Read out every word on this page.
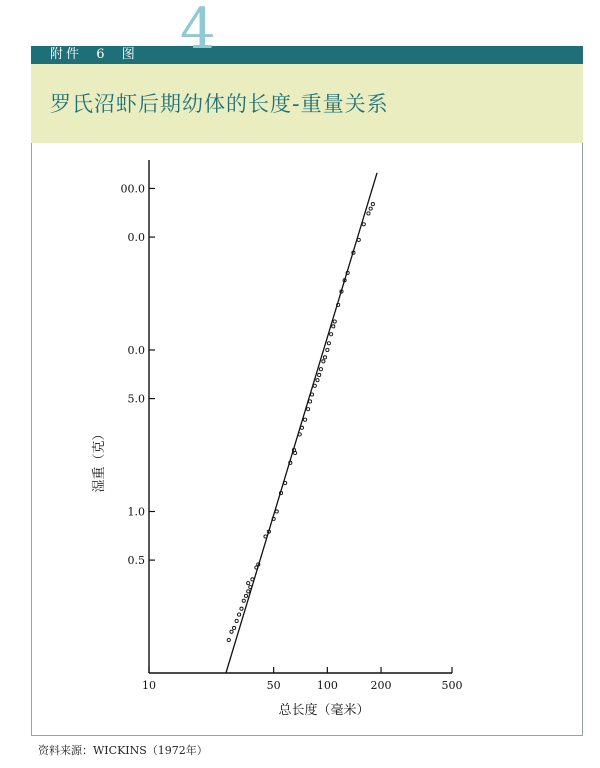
附件  6  图 4
罗氏沼虾后期幼体的长度-重量关系
10	50	100	200	500
0.5
1.0
5.0
0.0
0.0
00.0
总长度（毫米）
湿重（克）
资料来源：WICKINS（1972年）
